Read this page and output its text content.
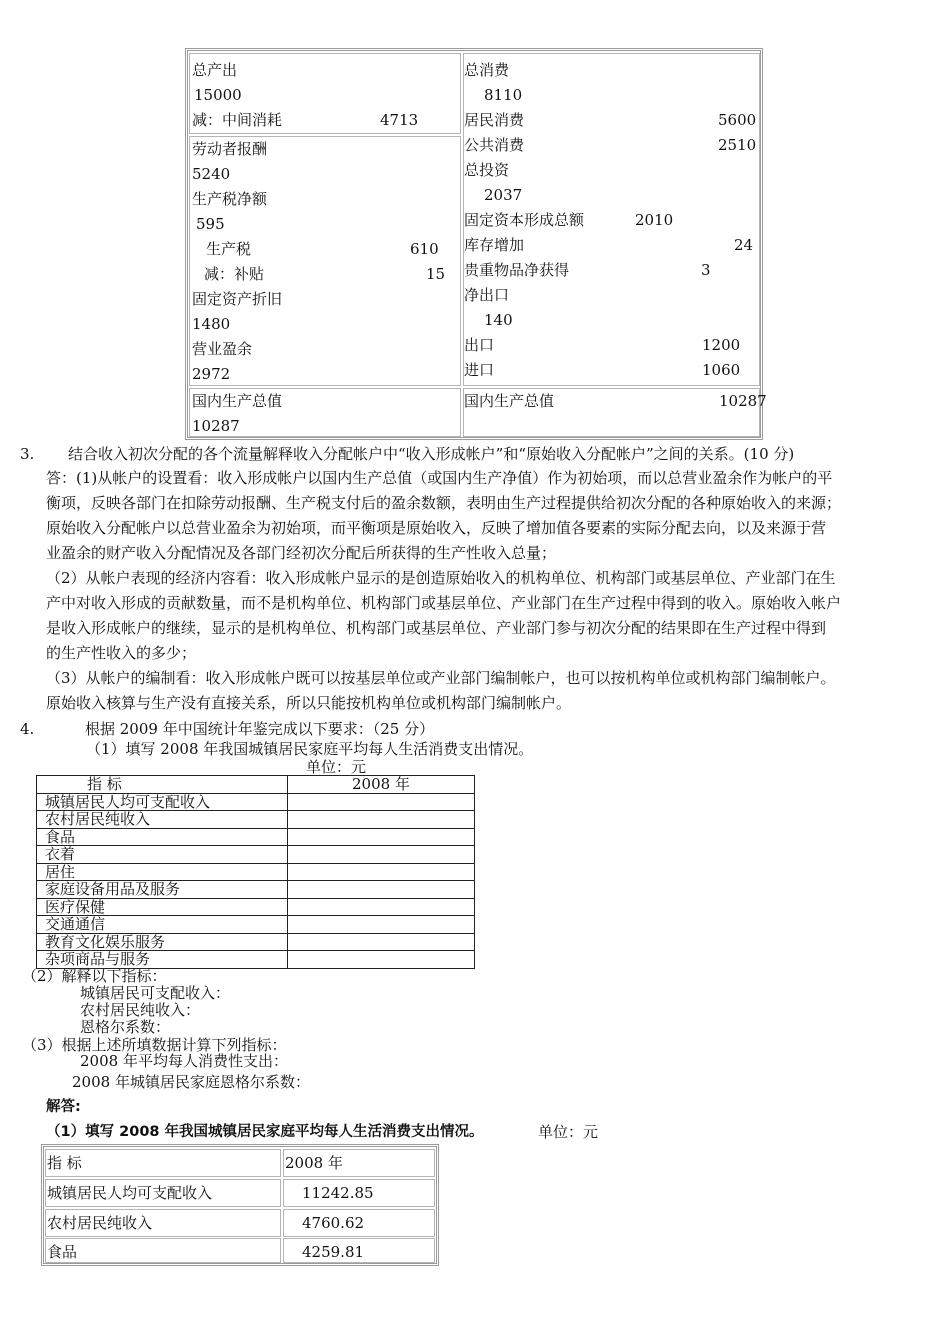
总产出
15000
减：中间消耗	4713
劳动者报酬
5240
生产税净额
595
生产税	610
减：补贴	15
固定资产折旧
1480
营业盈余
2972
国内生产总值
10287
总消费
8110
居民消费	5600
公共消费	2510
总投资
2037
固定资本形成总额	2010
库存增加	24
贵重物品净获得	3
净出口
140
出口	1200
进口	1060
国内生产总值	10287
3. 结合收入初次分配的各个流量解释收入分配帐户中“收入形成帐户”和“原始收入分配帐户”之间的关系。(10 分)

答：(1)从帐户的设置看：收入形成帐户以国内生产总值（或国内生产净值）作为初始项，而以总营业盈余作为帐户的平

衡项，反映各部门在扣除劳动报酬、生产税支付后的盈余数额，表明由生产过程提供给初次分配的各种原始收入的来源；

原始收入分配帐户以总营业盈余为初始项，而平衡项是原始收入，反映了增加值各要素的实际分配去向，以及来源于营

业盈余的财产收入分配情况及各部门经初次分配后所获得的生产性收入总量；

（2）从帐户表现的经济内容看：收入形成帐户显示的是创造原始收入的机构单位、机构部门或基层单位、产业部门在生

产中对收入形成的贡献数量，而不是机构单位、机构部门或基层单位、产业部门在生产过程中得到的收入。原始收入帐户

是收入形成帐户的继续，显示的是机构单位、机构部门或基层单位、产业部门参与初次分配的结果即在生产过程中得到

的生产性收入的多少；

（3）从帐户的编制看：收入形成帐户既可以按基层单位或产业部门编制帐户，也可以按机构单位或机构部门编制帐户。

原始收入核算与生产没有直接关系，所以只能按机构单位或机构部门编制帐户。

4.	根据 2009 年中国统计年鉴完成以下要求：（25 分）
（1）填写 2008 年我国城镇居民家庭平均每人生活消费支出情况。
单位：元
指 标	2008 年
城镇居民人均可支配收入	
农村居民纯收入	
食品	
衣着	
居住	
家庭设备用品及服务	
医疗保健	
交通通信	
教育文化娱乐服务	
杂项商品与服务	
（2）解释以下指标：
城镇居民可支配收入：
农村居民纯收入：
恩格尔系数：
（3）根据上述所填数据计算下列指标：
2008 年平均每人消费性支出：
2008 年城镇居民家庭恩格尔系数：
解答:
（1）填写 2008 年我国城镇居民家庭平均每人生活消费支出情况。	单位：元
指 标	2008 年
城镇居民人均可支配收入	11242.85
农村居民纯收入	4760.62
食品	4259.81
